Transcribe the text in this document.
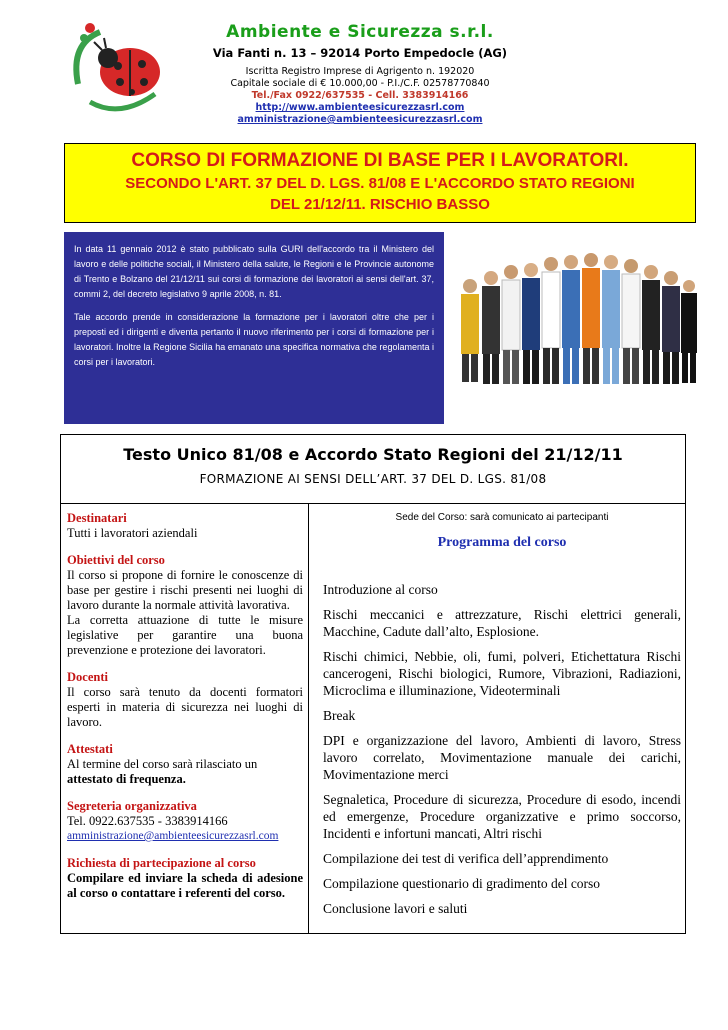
Ambiente e Sicurezza s.r.l.
Via Fanti n. 13 – 92014 Porto Empedocle (AG)
Iscritta Registro Imprese di Agrigento n. 192020
Capitale sociale di € 10.000,00 - P.I./C.F. 02578770840
Tel./Fax 0922/637535 - Cell. 3383914166
http://www.ambienteesicurezzasrl.com
amministrazione@ambienteesicurezzasrl.com
CORSO DI FORMAZIONE DI BASE PER I LAVORATORI.
SECONDO L'ART. 37 DEL D. LGS. 81/08 E L'ACCORDO STATO REGIONI
DEL 21/12/11. RISCHIO BASSO

In data 11 gennaio 2012 è stato pubblicato sulla GURI dell'accordo tra il Ministero del lavoro e delle politiche sociali, il Ministero della salute, le Regioni e le Provincie autonome di Trento e Bolzano del 21/12/11 sui corsi di formazione dei lavoratori ai sensi dell'art. 37, commi 2, del decreto legislativo 9 aprile 2008, n. 81.

Tale accordo prende in considerazione la formazione per i lavoratori oltre che per i preposti ed i dirigenti e diventa pertanto il nuovo riferimento per i corsi di formazione per i lavoratori. Inoltre la Regione Sicilia ha emanato una specifica normativa che regolamenta i corsi per i lavoratori.

Testo Unico 81/08 e Accordo Stato Regioni del 21/12/11
FORMAZIONE AI SENSI DELL’ART. 37 DEL D. LGS. 81/08

Destinatari

Tutti i lavoratori aziendali

Obiettivi del corso

Il corso si propone di fornire le conoscenze di base per gestire i rischi presenti nei luoghi di lavoro durante la normale attività lavorativa.

La corretta attuazione di tutte le misure legislative per garantire una buona prevenzione e protezione dei lavoratori.

Docenti

Il corso sarà tenuto da docenti formatori esperti in materia di sicurezza nei luoghi di lavoro.

Attestati

Al termine del corso sarà rilasciato un

attestato di frequenza.

Segreteria organizzativa

Tel. 0922.637535 - 3383914166

amministrazione@ambienteesicurezzasrl.com

Richiesta di partecipazione al corso

Compilare ed inviare la scheda di adesione al corso o contattare i referenti del corso.

Sede del Corso: sarà comunicato ai partecipanti

Programma del corso

Introduzione al corso

Rischi meccanici e attrezzature, Rischi elettrici generali, Macchine, Cadute dall’alto, Esplosione.

Rischi chimici, Nebbie, oli, fumi, polveri, Etichettatura Rischi cancerogeni, Rischi biologici, Rumore, Vibrazioni, Radiazioni, Microclima e illuminazione, Videoterminali

Break

DPI e organizzazione del lavoro, Ambienti di lavoro, Stress lavoro correlato, Movimentazione manuale dei carichi, Movimentazione merci

Segnaletica, Procedure di sicurezza, Procedure di esodo, incendi ed emergenze, Procedure organizzative e primo soccorso, Incidenti e infortuni mancati, Altri rischi

Compilazione dei test di verifica dell’apprendimento

Compilazione questionario di gradimento del corso

Conclusione lavori e saluti
